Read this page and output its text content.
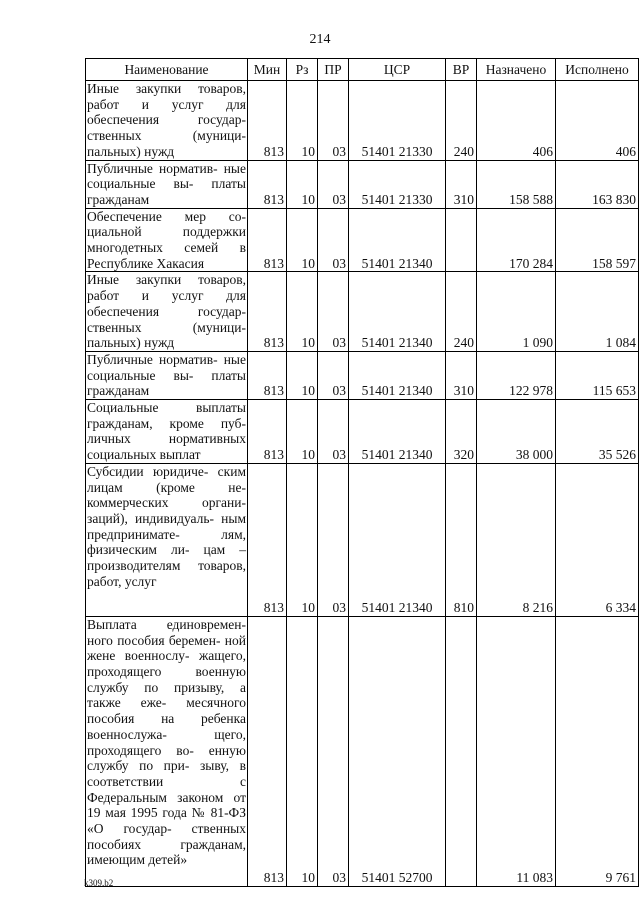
214
Наименование	Мин	Рз	ПР	ЦСР	ВР	Назначено	Исполнено
Иные закупки товаров, работ и услуг для обеспечения государ- ственных (муници- пальных) нужд	813	10	03	51401 21330	240	406	406
Публичные норматив- ные социальные вы- платы гражданам	813	10	03	51401 21330	310	158 588	163 830
Обеспечение мер со- циальной поддержки многодетных семей в Республике Хакасия	813	10	03	51401 21340		170 284	158 597
Иные закупки товаров, работ и услуг для обеспечения государ- ственных (муници- пальных) нужд	813	10	03	51401 21340	240	1 090	1 084
Публичные норматив- ные социальные вы- платы гражданам	813	10	03	51401 21340	310	122 978	115 653
Социальные выплаты гражданам, кроме пуб- личных нормативных социальных выплат	813	10	03	51401 21340	320	38 000	35 526
Субсидии юридиче- ским лицам (кроме не- коммерческих органи- заций), индивидуаль- ным предпринимате- лям, физическим ли- цам – производителям товаров, работ, услуг	813	10	03	51401 21340	810	8 216	6 334
Выплата единовремен- ного пособия беремен- ной жене военнослу- жащего, проходящего военную службу по призыву, а также еже- месячного пособия на ребенка военнослужа- щего, проходящего во- енную службу по при- зыву, в соответствии с Федеральным законом от 19 мая 1995 года № 81-ФЗ «О государ- ственных пособиях гражданам, имеющим детей»	813	10	03	51401 52700		11 083	9 761
k309.b2
